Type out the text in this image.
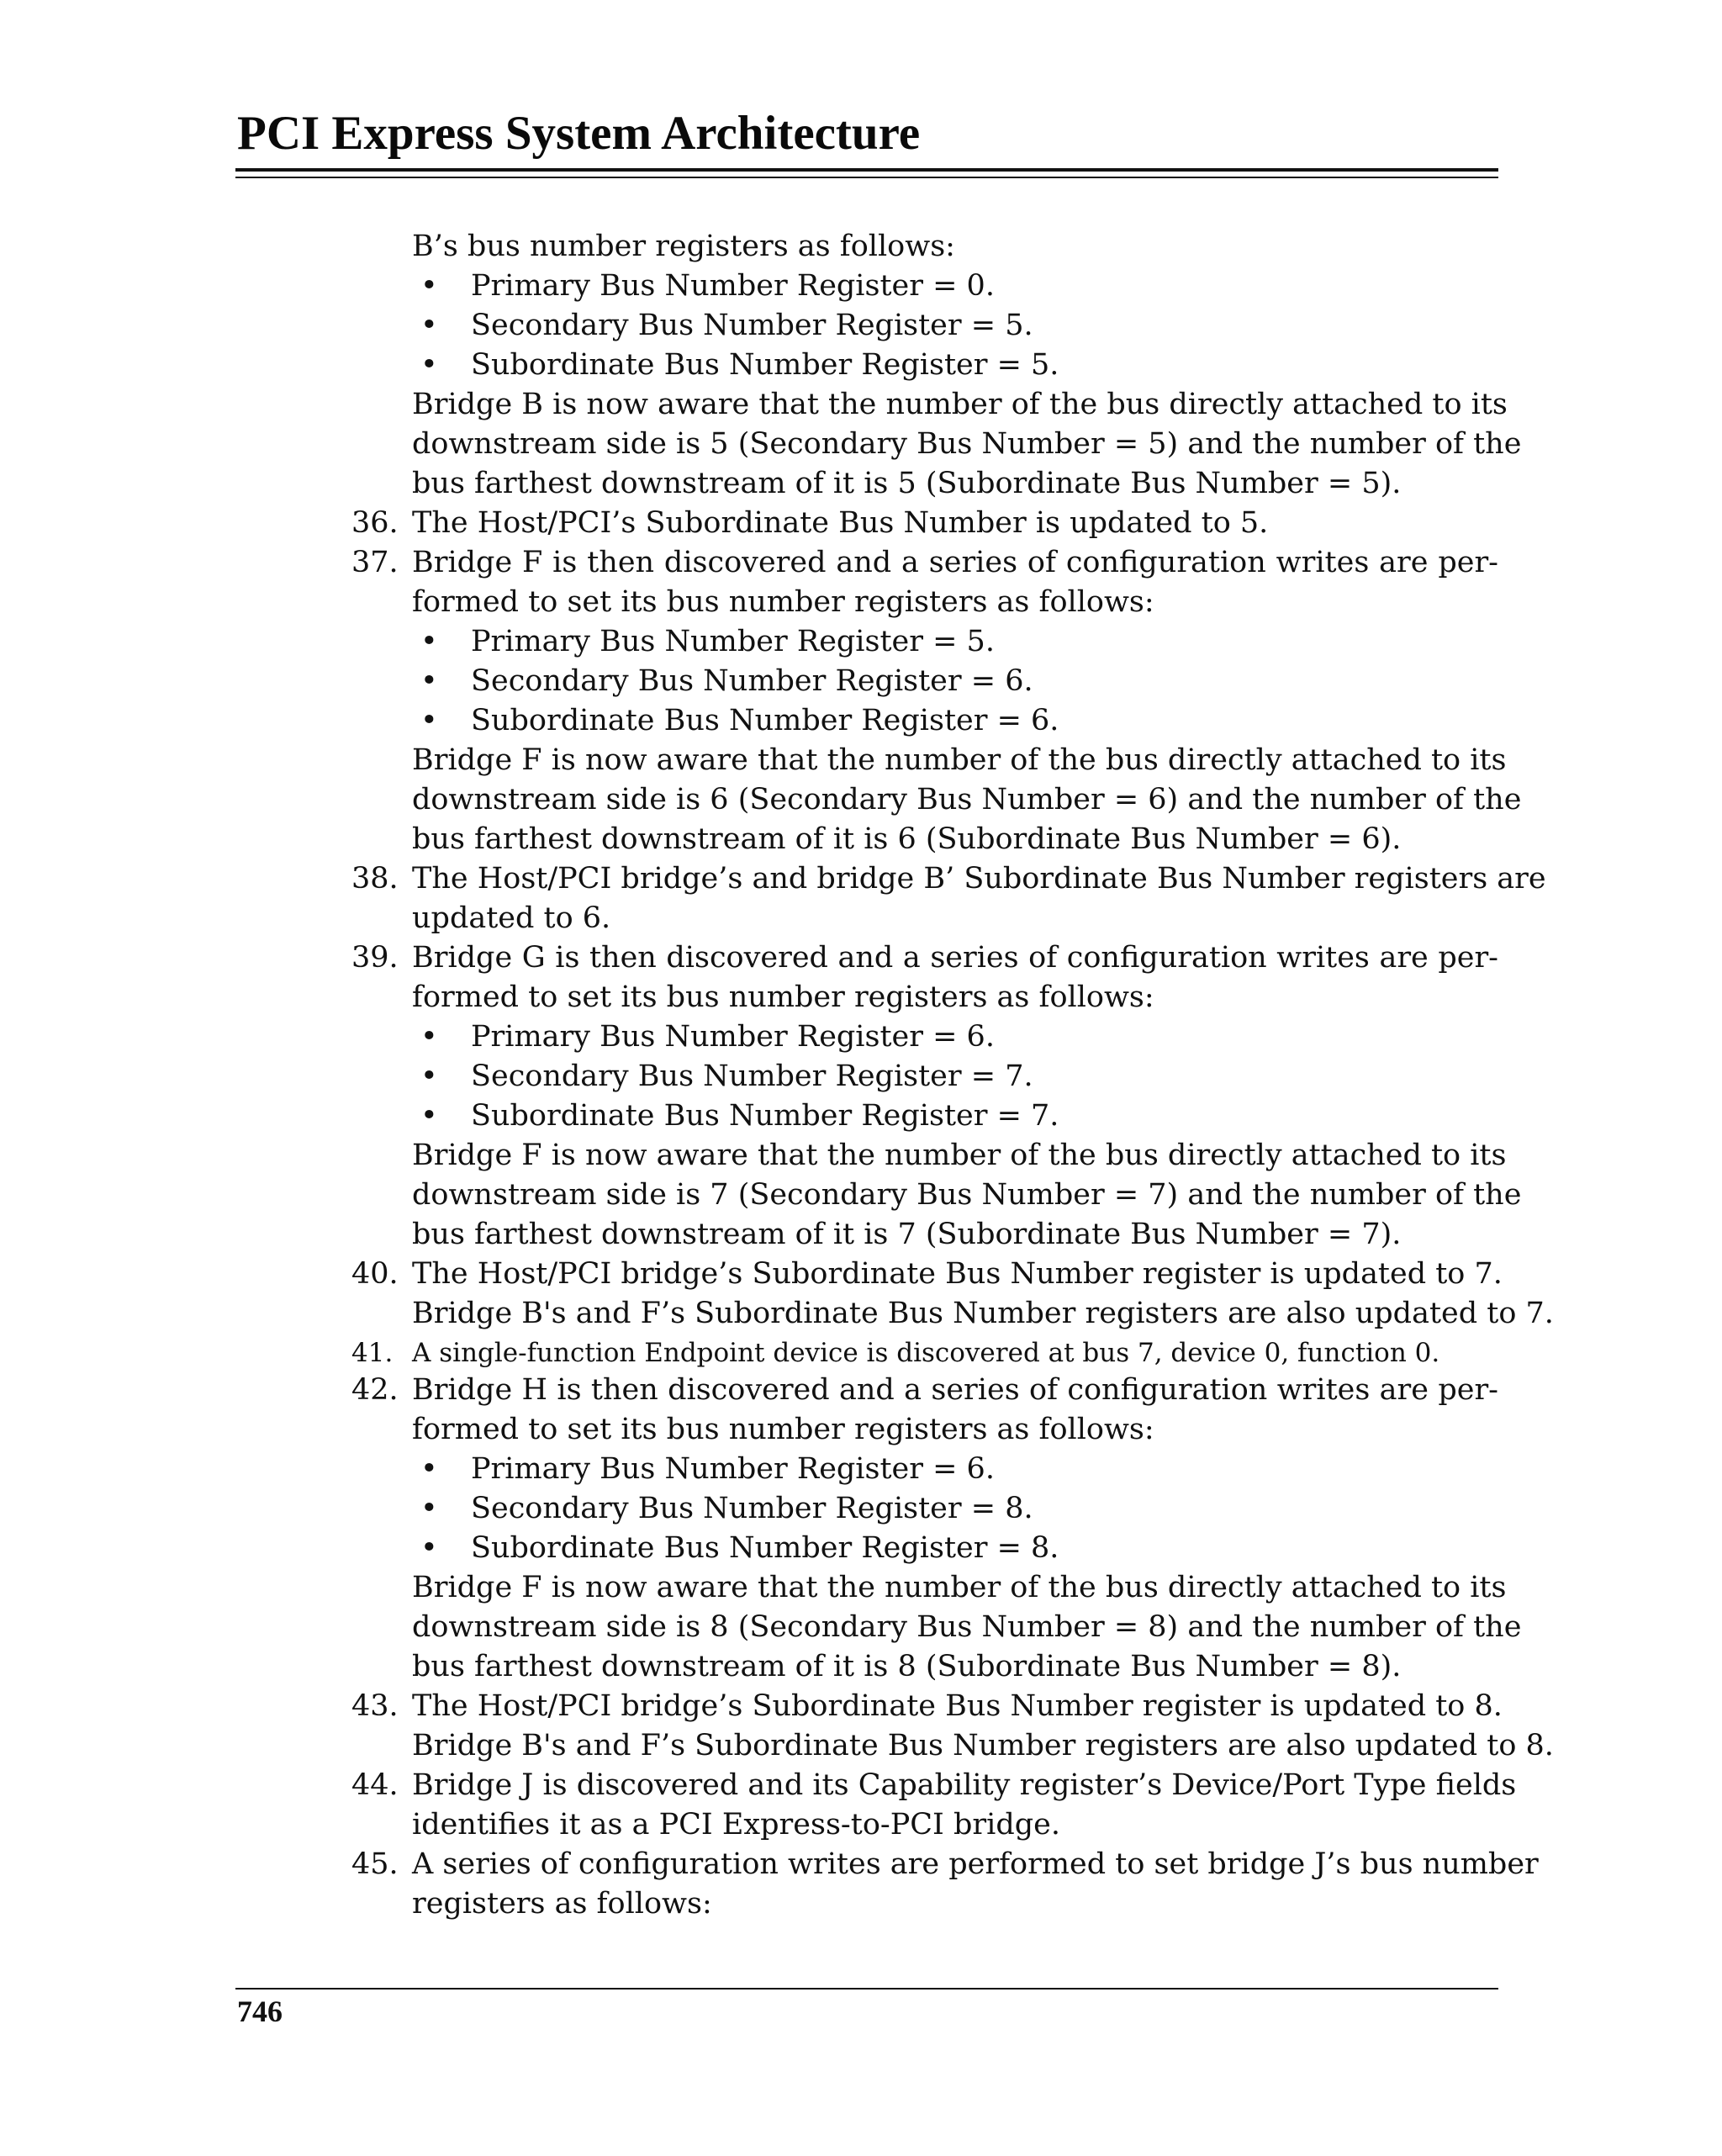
PCI Express System Architecture
B’s bus number registers as follows:
• Primary Bus Number Register = 0.
• Secondary Bus Number Register = 5.
• Subordinate Bus Number Register = 5.
Bridge B is now aware that the number of the bus directly attached to its
downstream side is 5 (Secondary Bus Number = 5) and the number of the
bus farthest downstream of it is 5 (Subordinate Bus Number = 5).
36. The Host/PCI’s Subordinate Bus Number is updated to 5.
37. Bridge F is then discovered and a series of configuration writes are per-
formed to set its bus number registers as follows:
• Primary Bus Number Register = 5.
• Secondary Bus Number Register = 6.
• Subordinate Bus Number Register = 6.
Bridge F is now aware that the number of the bus directly attached to its
downstream side is 6 (Secondary Bus Number = 6) and the number of the
bus farthest downstream of it is 6 (Subordinate Bus Number = 6).
38. The Host/PCI bridge’s and bridge B’ Subordinate Bus Number registers are
updated to 6.
39. Bridge G is then discovered and a series of configuration writes are per-
formed to set its bus number registers as follows:
• Primary Bus Number Register = 6.
• Secondary Bus Number Register = 7.
• Subordinate Bus Number Register = 7.
Bridge F is now aware that the number of the bus directly attached to its
downstream side is 7 (Secondary Bus Number = 7) and the number of the
bus farthest downstream of it is 7 (Subordinate Bus Number = 7).
40. The Host/PCI bridge’s Subordinate Bus Number register is updated to 7.
Bridge B's and F’s Subordinate Bus Number registers are also updated to 7.
41. A single-function Endpoint device is discovered at bus 7, device 0, function 0.
42. Bridge H is then discovered and a series of configuration writes are per-
formed to set its bus number registers as follows:
• Primary Bus Number Register = 6.
• Secondary Bus Number Register = 8.
• Subordinate Bus Number Register = 8.
Bridge F is now aware that the number of the bus directly attached to its
downstream side is 8 (Secondary Bus Number = 8) and the number of the
bus farthest downstream of it is 8 (Subordinate Bus Number = 8).
43. The Host/PCI bridge’s Subordinate Bus Number register is updated to 8.
Bridge B's and F’s Subordinate Bus Number registers are also updated to 8.
44. Bridge J is discovered and its Capability register’s Device/Port Type fields
identifies it as a PCI Express-to-PCI bridge.
45. A series of configuration writes are performed to set bridge J’s bus number
registers as follows:
746
